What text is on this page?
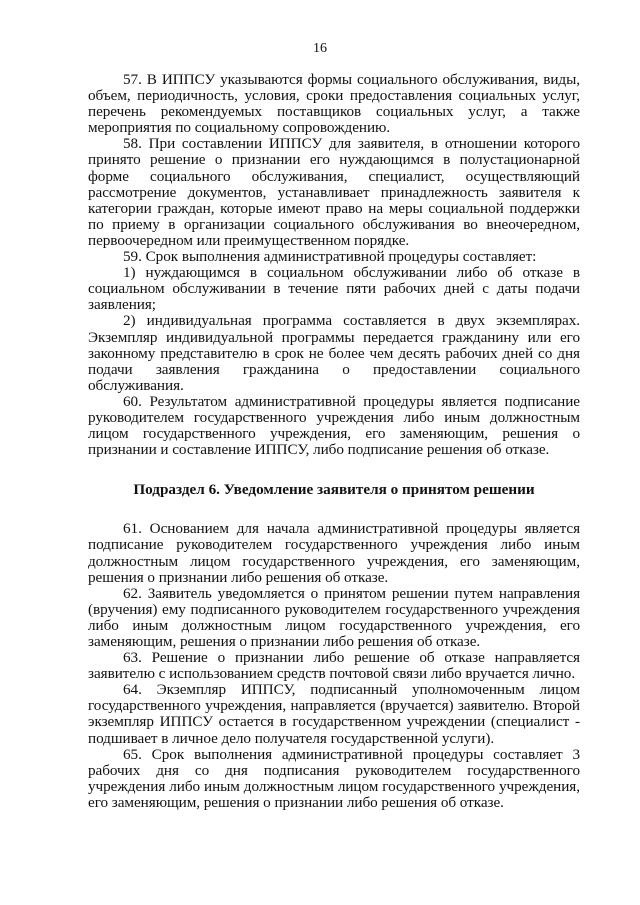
16

57. В ИППСУ указываются формы социального обслуживания, виды, объем, периодичность, условия, сроки предоставления социальных услуг, перечень рекомендуемых поставщиков социальных услуг, а также мероприятия по социальному сопровождению.

58. При составлении ИППСУ для заявителя, в отношении которого принято решение о признании его нуждающимся в полустационарной форме социального обслуживания, специалист, осуществляющий рассмотрение документов, устанавливает принадлежность заявителя к категории граждан, которые имеют право на меры социальной поддержки по приему в организации социального обслуживания во внеочередном, первоочередном или преимущественном порядке.

59. Срок выполнения административной процедуры составляет:

1) нуждающимся в социальном обслуживании либо об отказе в социальном обслуживании в течение пяти рабочих дней с даты подачи заявления;

2) индивидуальная программа составляется в двух экземплярах. Экземпляр индивидуальной программы передается гражданину или его законному представителю в срок не более чем десять рабочих дней со дня подачи заявления гражданина о предоставлении социального обслуживания.

60. Результатом административной процедуры является подписание руководителем государственного учреждения либо иным должностным лицом государственного учреждения, его заменяющим, решения о признании и составление ИППСУ, либо подписание решения об отказе.

Подраздел 6. Уведомление заявителя о принятом решении

61. Основанием для начала административной процедуры является подписание руководителем государственного учреждения либо иным должностным лицом государственного учреждения, его заменяющим, решения о признании либо решения об отказе.

62. Заявитель уведомляется о принятом решении путем направления (вручения) ему подписанного руководителем государственного учреждения либо иным должностным лицом государственного учреждения, его заменяющим, решения о признании либо решения об отказе.

63. Решение о признании либо решение об отказе направляется заявителю с использованием средств почтовой связи либо вручается лично.

64. Экземпляр ИППСУ, подписанный уполномоченным лицом государственного учреждения, направляется (вручается) заявителю. Второй экземпляр ИППСУ остается в государственном учреждении (специалист - подшивает в личное дело получателя государственной услуги).

65. Срок выполнения административной процедуры составляет 3 рабочих дня со дня подписания руководителем государственного учреждения либо иным должностным лицом государственного учреждения, его заменяющим, решения о признании либо решения об отказе.
